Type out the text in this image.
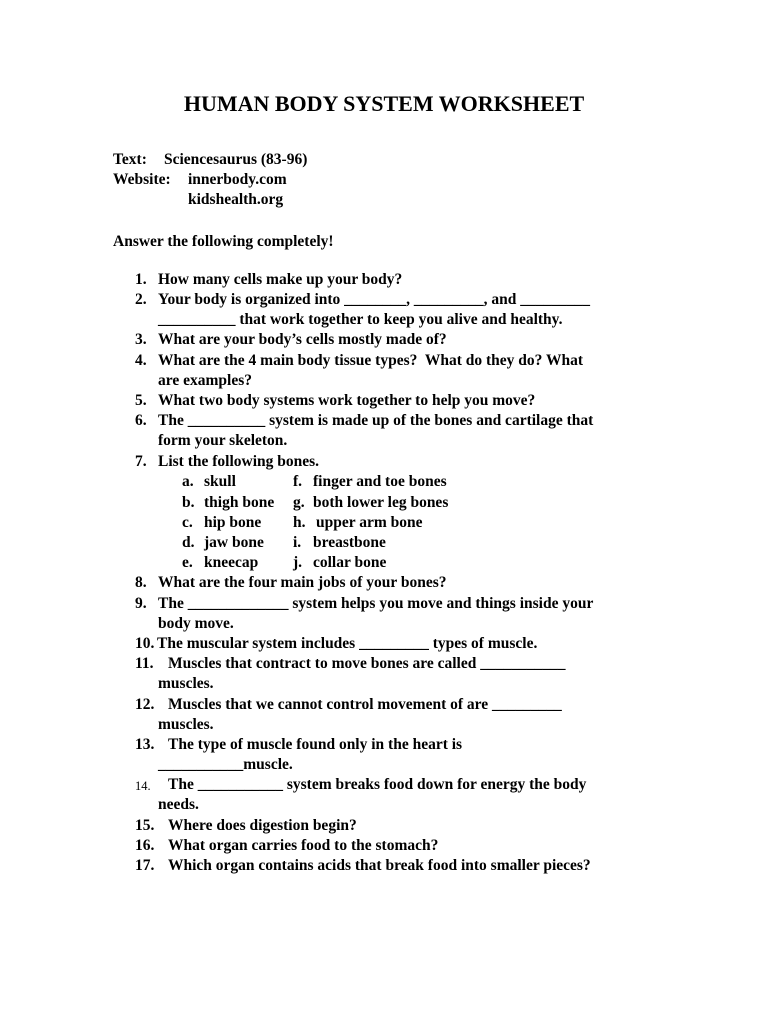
HUMAN BODY SYSTEM WORKSHEET
Text: Sciencesaurus (83-96)
Website: innerbody.com
kidshealth.org
Answer the following completely!
1. How many cells make up your body?
2. Your body is organized into ________, _________, and _________
__________ that work together to keep you alive and healthy.
3. What are your body’s cells mostly made of?
4. What are the 4 main body tissue types?  What do they do? What
are examples?
5. What two body systems work together to help you move?
6. The __________ system is made up of the bones and cartilage that
form your skeleton.
7. List the following bones.
a. skull	f. finger and toe bones
b. thigh bone g. both lower leg bones
c. hip bone h. upper arm bone
d. jaw bone i. breastbone
e. kneecap j. collar bone
8. What are the four main jobs of your bones?
9. The _____________ system helps you move and things inside your
body move.
10. The muscular system includes _________ types of muscle.
11. Muscles that contract to move bones are called ___________
muscles.
12. Muscles that we cannot control movement of are _________
muscles.
13. The type of muscle found only in the heart is
___________muscle.
14. The ___________ system breaks food down for energy the body
needs.
15. Where does digestion begin?
16. What organ carries food to the stomach?
17. Which organ contains acids that break food into smaller pieces?
